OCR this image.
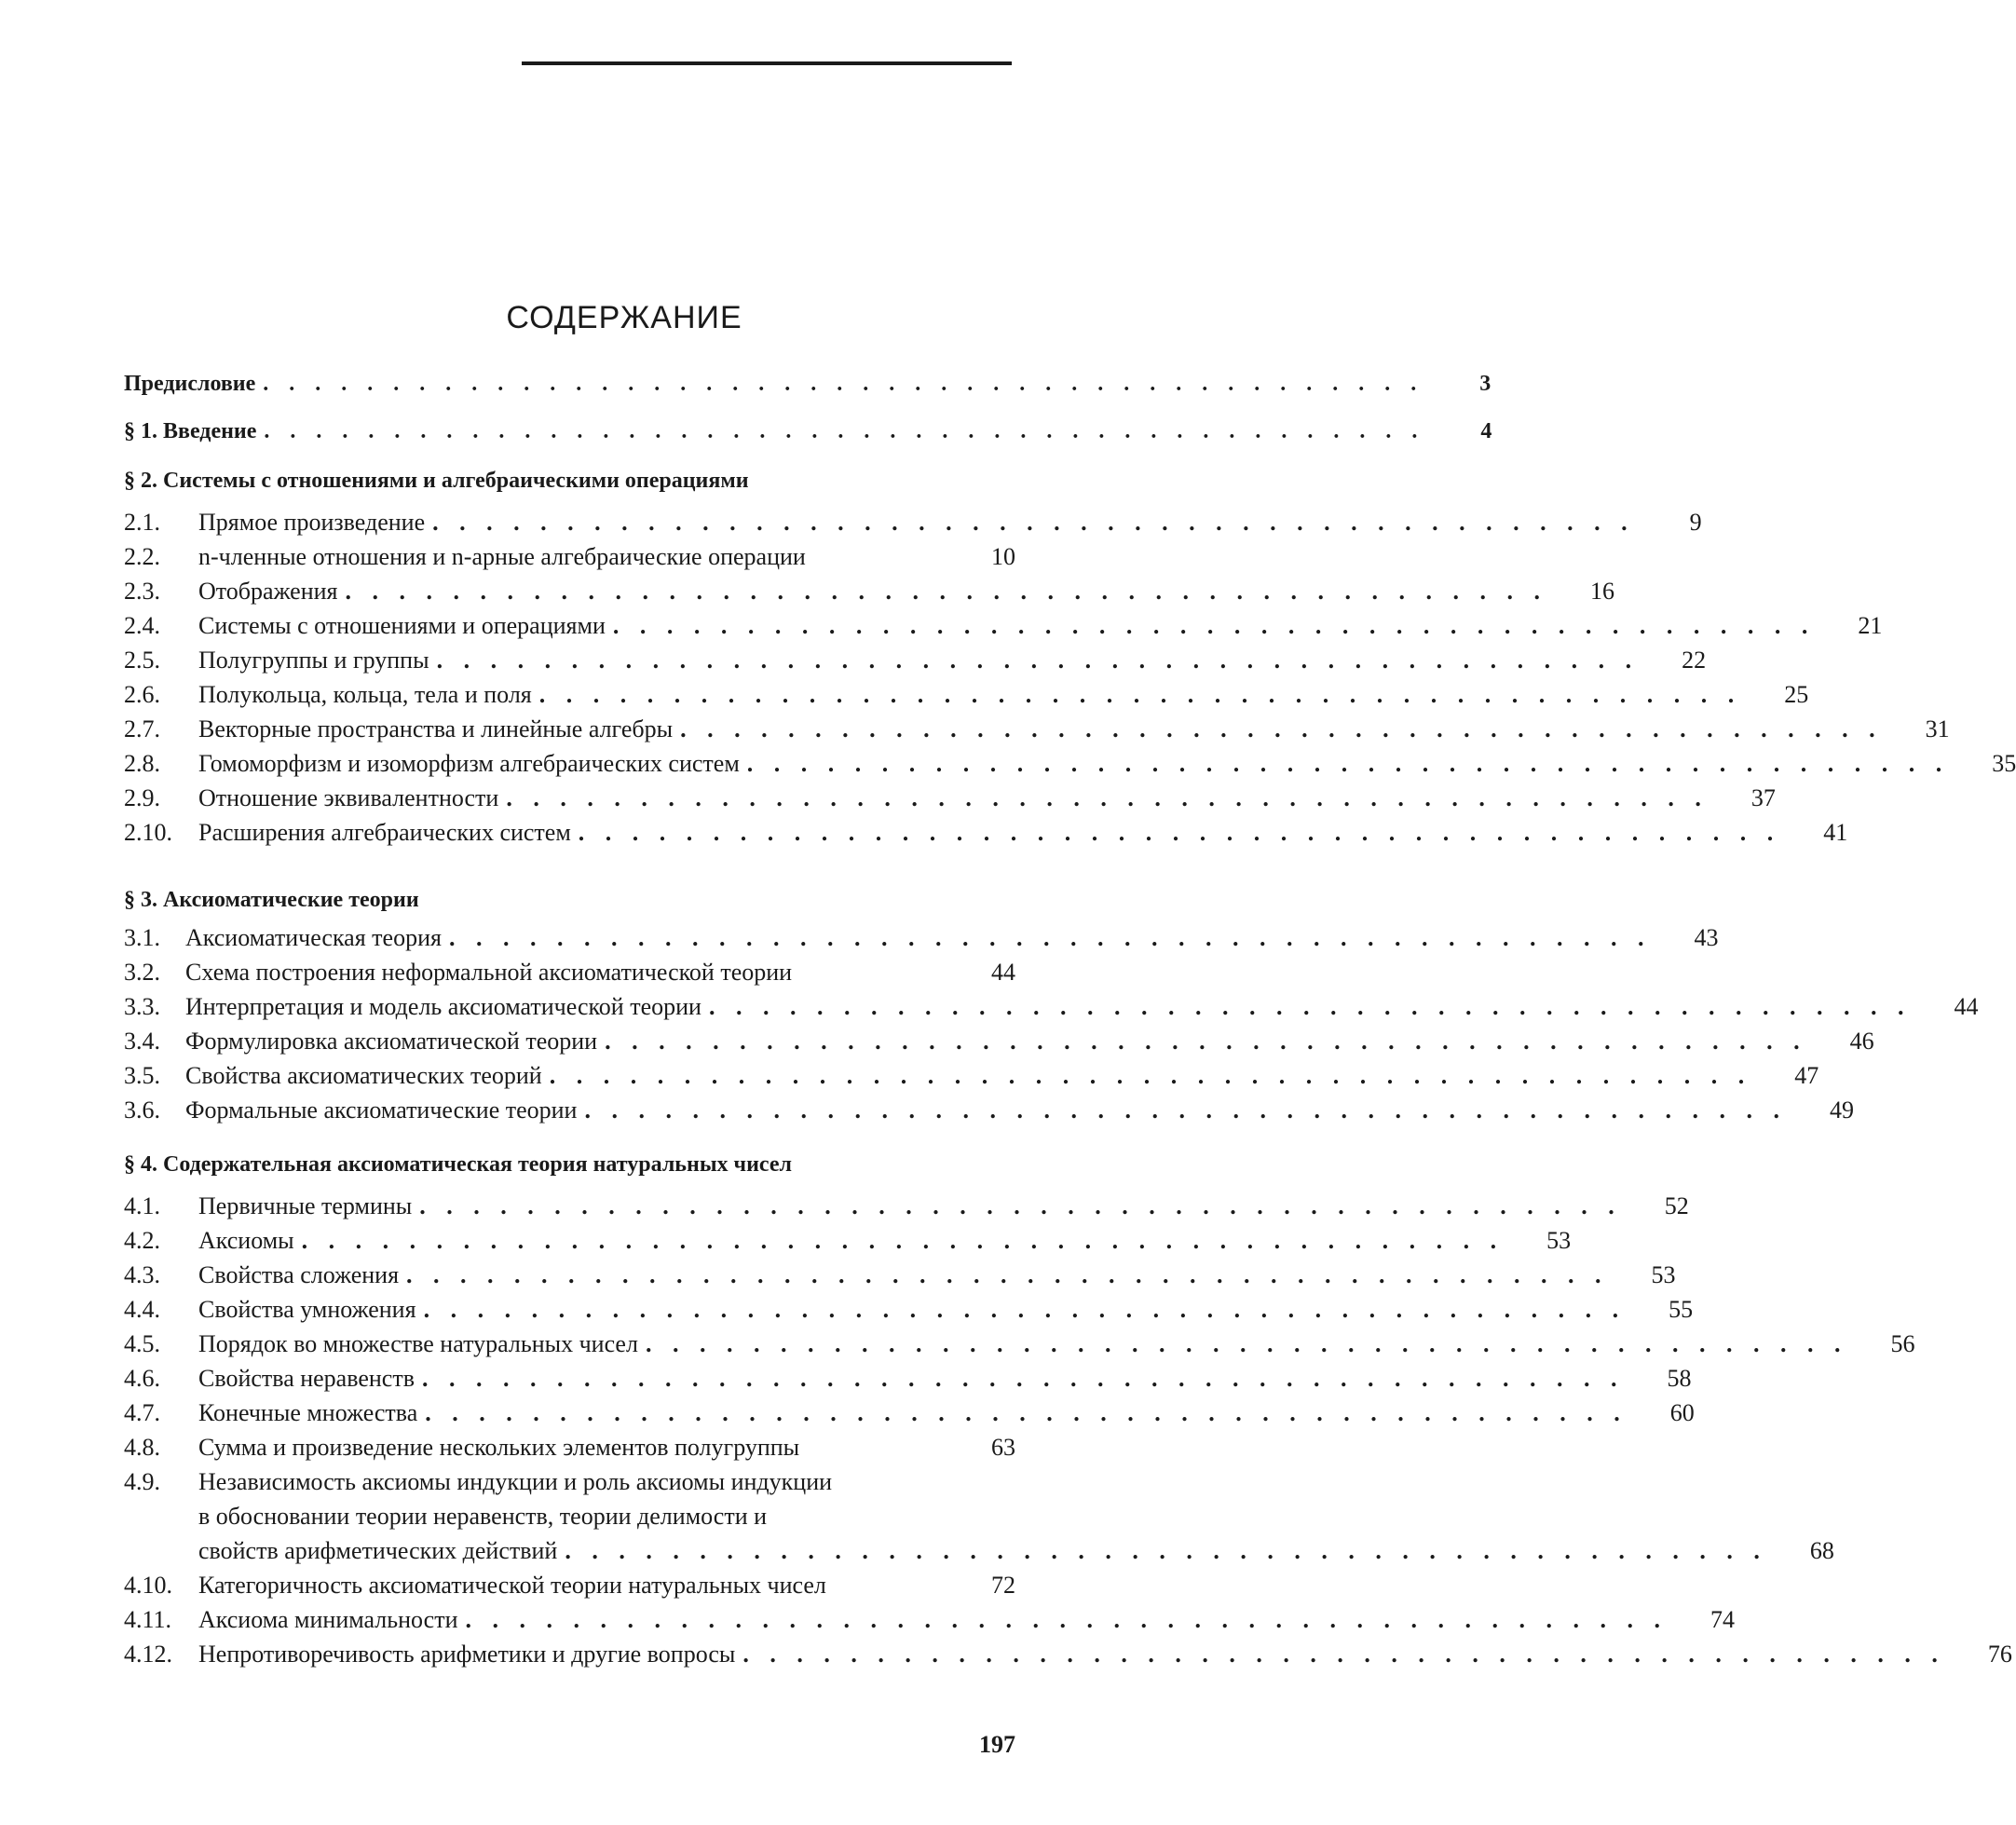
СОДЕРЖАНИЕ
Предисловие
. . .	3
§ 1. Введение
. . .	4
§ 2. Системы с отношениями и алгебраическими операциями
2.1.	Прямое произведение
. . .	9
2.2.	n-членные отношения и n-арные алгебраические операции	10
2.3.	Отображения
. . .	16
2.4.	Системы с отношениями и операциями
. . .	21
2.5.	Полугруппы и группы
. . .	22
2.6.	Полукольца, кольца, тела и поля
. . .	25
2.7.	Векторные пространства и линейные алгебры
. . .	31
2.8.	Гомоморфизм и изоморфизм алгебраических систем
. . .	35
2.9.	Отношение эквивалентности
. . .	37
2.10.	Расширения алгебраических систем
. . .	41
§ 3. Аксиоматические теории
3.1.	Аксиоматическая теория
. . .	43
3.2.	Схема построения неформальной аксиоматической теории	44
3.3.	Интерпретация и модель аксиоматической теории
. . .	44
3.4.	Формулировка аксиоматической теории
. . .	46
3.5.	Свойства аксиоматических теорий
. . .	47
3.6.	Формальные аксиоматические теории
. . .	49
§ 4. Содержательная аксиоматическая теория натуральных чисел
4.1.	Первичные термины
. . .	52
4.2.	Аксиомы
. . .	53
4.3.	Свойства сложения
. . .	53
4.4.	Свойства умножения
. . .	55
4.5.	Порядок во множестве натуральных чисел
. . .	56
4.6.	Свойства неравенств
. . .	58
4.7.	Конечные множества
. . .	60
4.8.	Сумма и произведение нескольких элементов полугруппы	63
4.9.	Независимость аксиомы индукции и роль аксиомы индукции
в обосновании теории неравенств, теории делимости и
свойств арифметических действий
. . .	68
4.10.	Категоричность аксиоматической теории натуральных чисел	72
4.11.	Аксиома минимальности
. . .	74
4.12.	Непротиворечивость арифметики и другие вопросы
. . .	76
197
